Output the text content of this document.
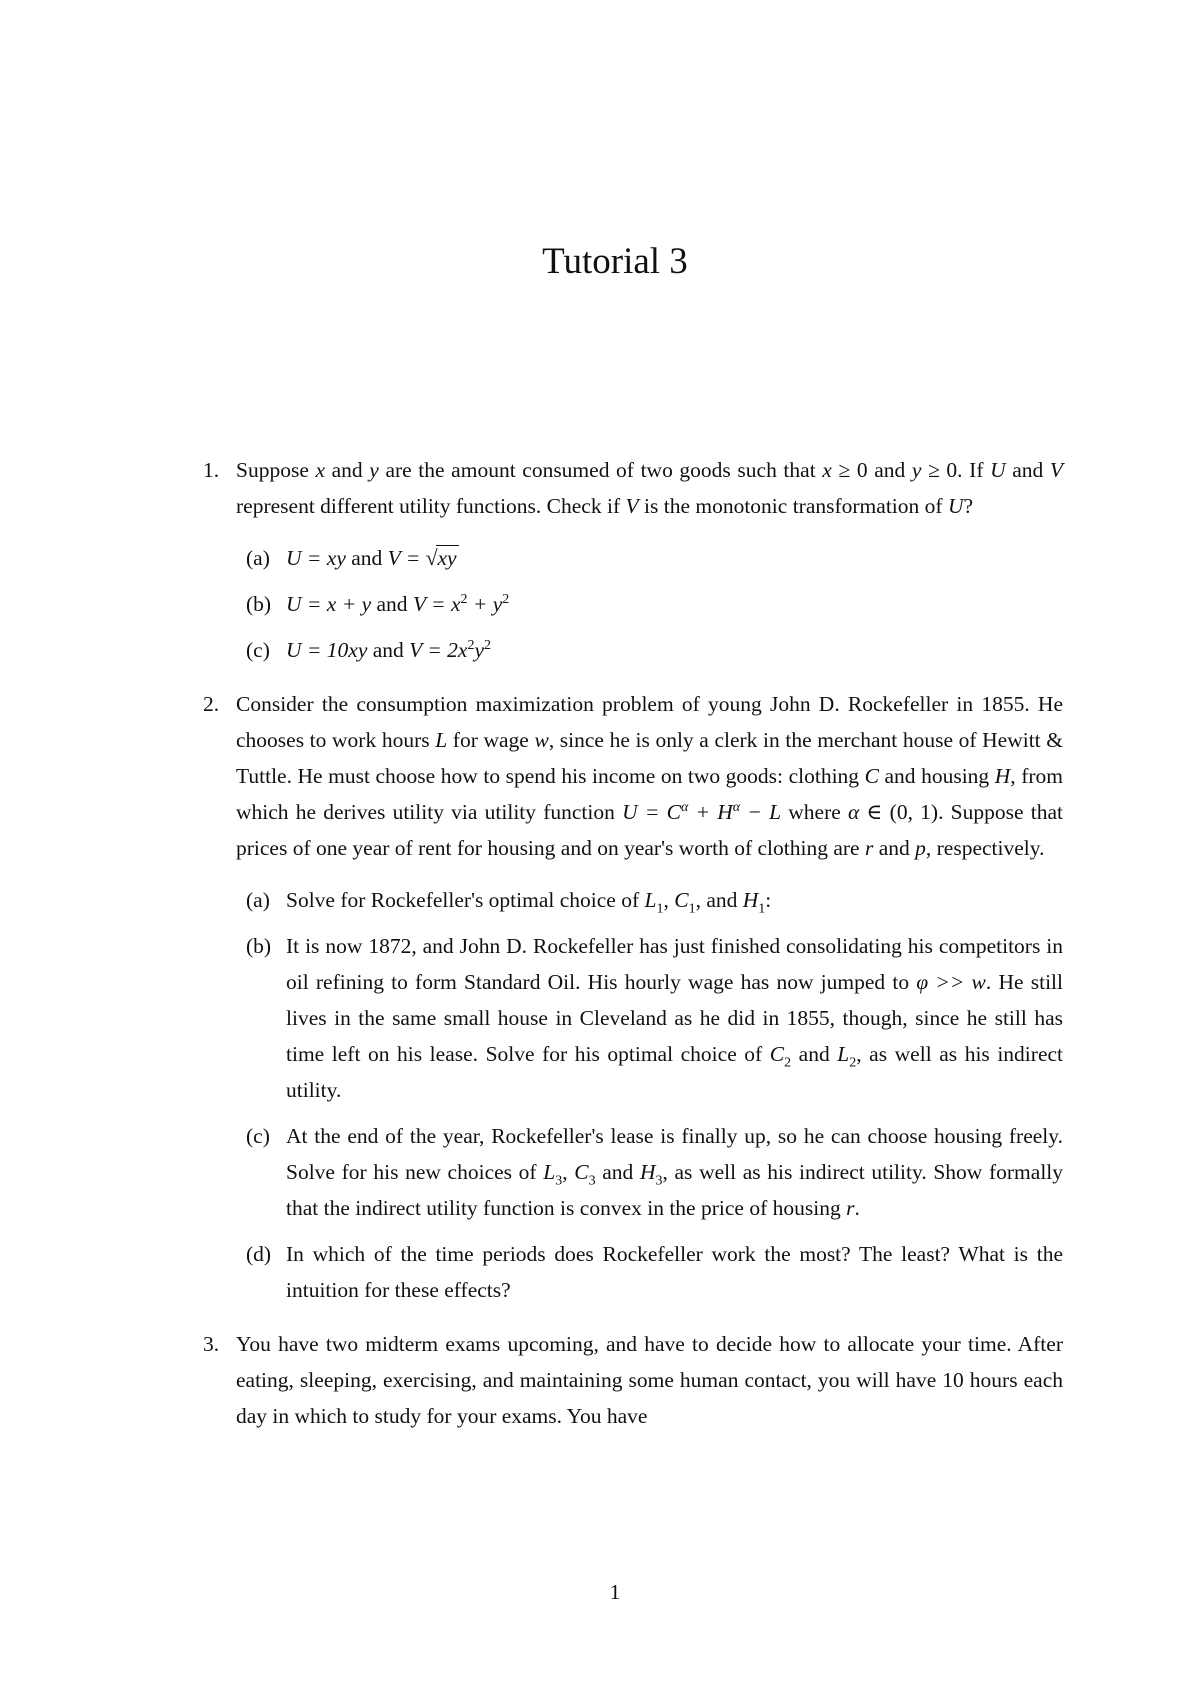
Tutorial 3
1. Suppose x and y are the amount consumed of two goods such that x ≥ 0 and y ≥ 0. If U and V represent different utility functions. Check if V is the monotonic transformation of U?

(a) U = xy and V = √xy
(b) U = x + y and $V = x^2 + y^2$
(c) U = 10xy and $V = 2x^2y^2$
2. Consider the consumption maximization problem of young John D. Rockefeller in 1855. He chooses to work hours L for wage w, since he is only a clerk in the merchant house of Hewitt & Tuttle. He must choose how to spend his income on two goods: clothing C and housing H, from which he derives utility via utility function $U = C^\alpha + H^\alpha - L$ where α ∈ (0, 1). Suppose that prices of one year of rent for housing and on year's worth of clothing are r and p, respectively.

(a) Solve for Rockefeller's optimal choice of $L_1$, $C_1$, and $H_1$:
(b) It is now 1872, and John D. Rockefeller has just finished consolidating his competitors in oil refining to form Standard Oil. His hourly wage has now jumped to φ >> w. He still lives in the same small house in Cleveland as he did in 1855, though, since he still has time left on his lease. Solve for his optimal choice of $C_2$ and $L_2$, as well as his indirect utility.
(c) At the end of the year, Rockefeller's lease is finally up, so he can choose housing freely. Solve for his new choices of $L_3$, $C_3$ and $H_3$, as well as his indirect utility. Show formally that the indirect utility function is convex in the price of housing r.
(d) In which of the time periods does Rockefeller work the most? The least? What is the intuition for these effects?
3. You have two midterm exams upcoming, and have to decide how to allocate your time. After eating, sleeping, exercising, and maintaining some human contact, you will have 10 hours each day in which to study for your exams. You have

1
